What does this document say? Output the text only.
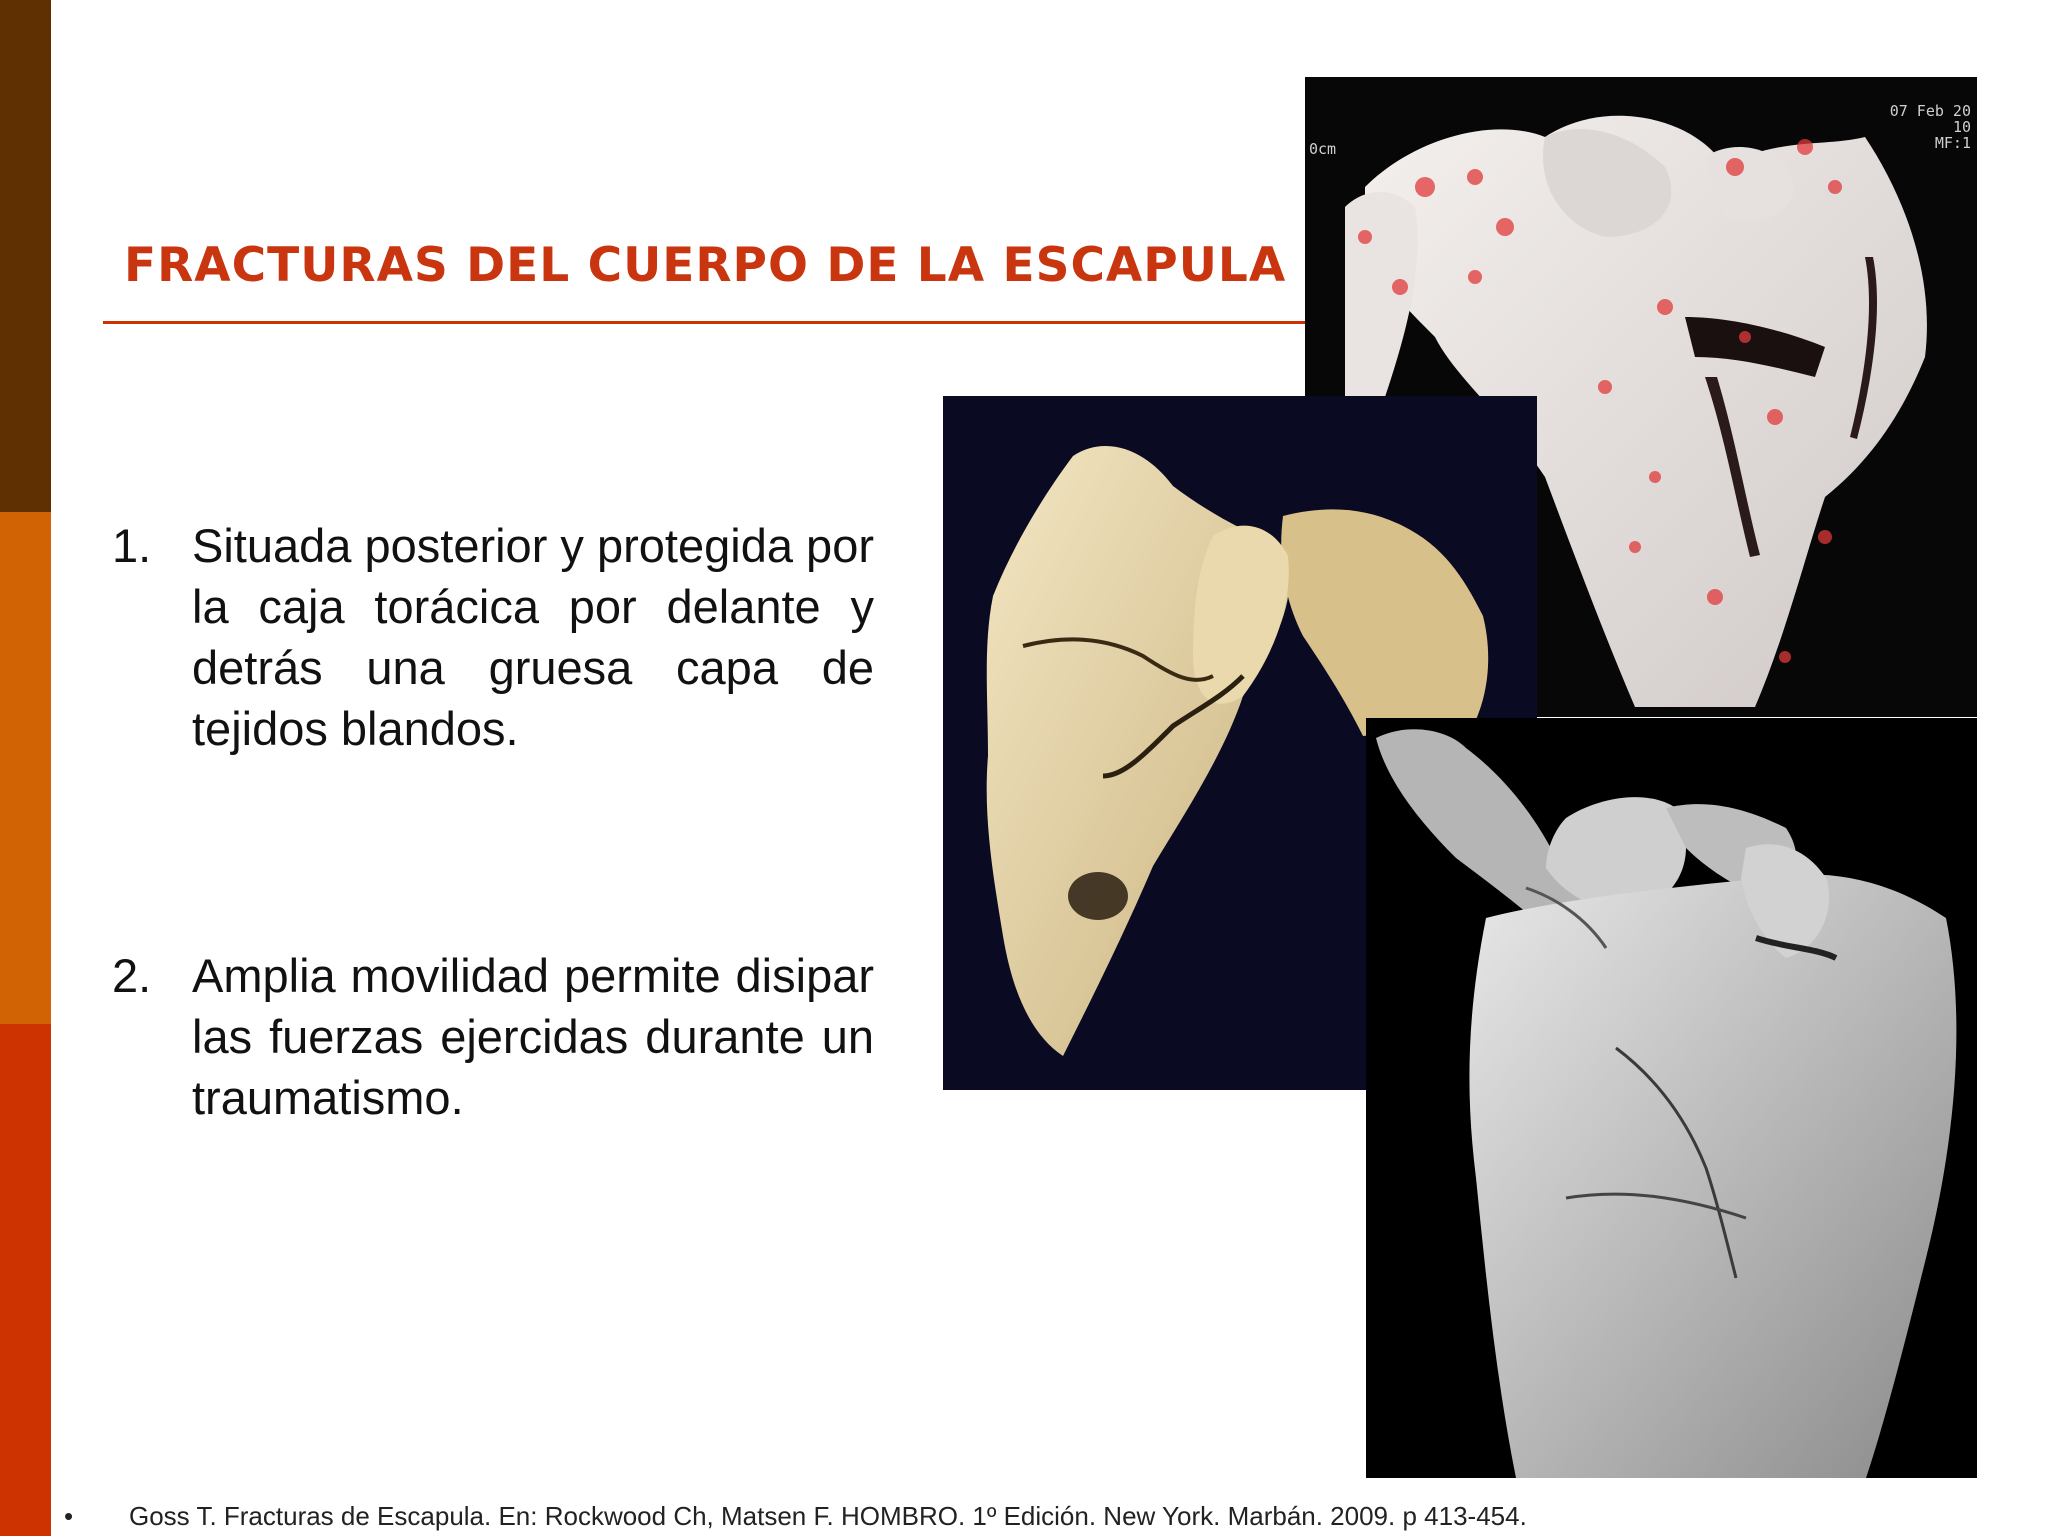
FRACTURAS DEL CUERPO DE LA ESCAPULA
1. Situada posterior y protegida por la caja torácica por delante y detrás una gruesa capa de tejidos blandos.
2. Amplia movilidad permite disipar las fuerzas ejercidas durante un traumatismo.
07 Feb 20
10
MF:1
0cm
• Goss T. Fracturas de Escapula. En: Rockwood Ch, Matsen F. HOMBRO. 1º Edición. New York. Marbán. 2009. p 413-454.
